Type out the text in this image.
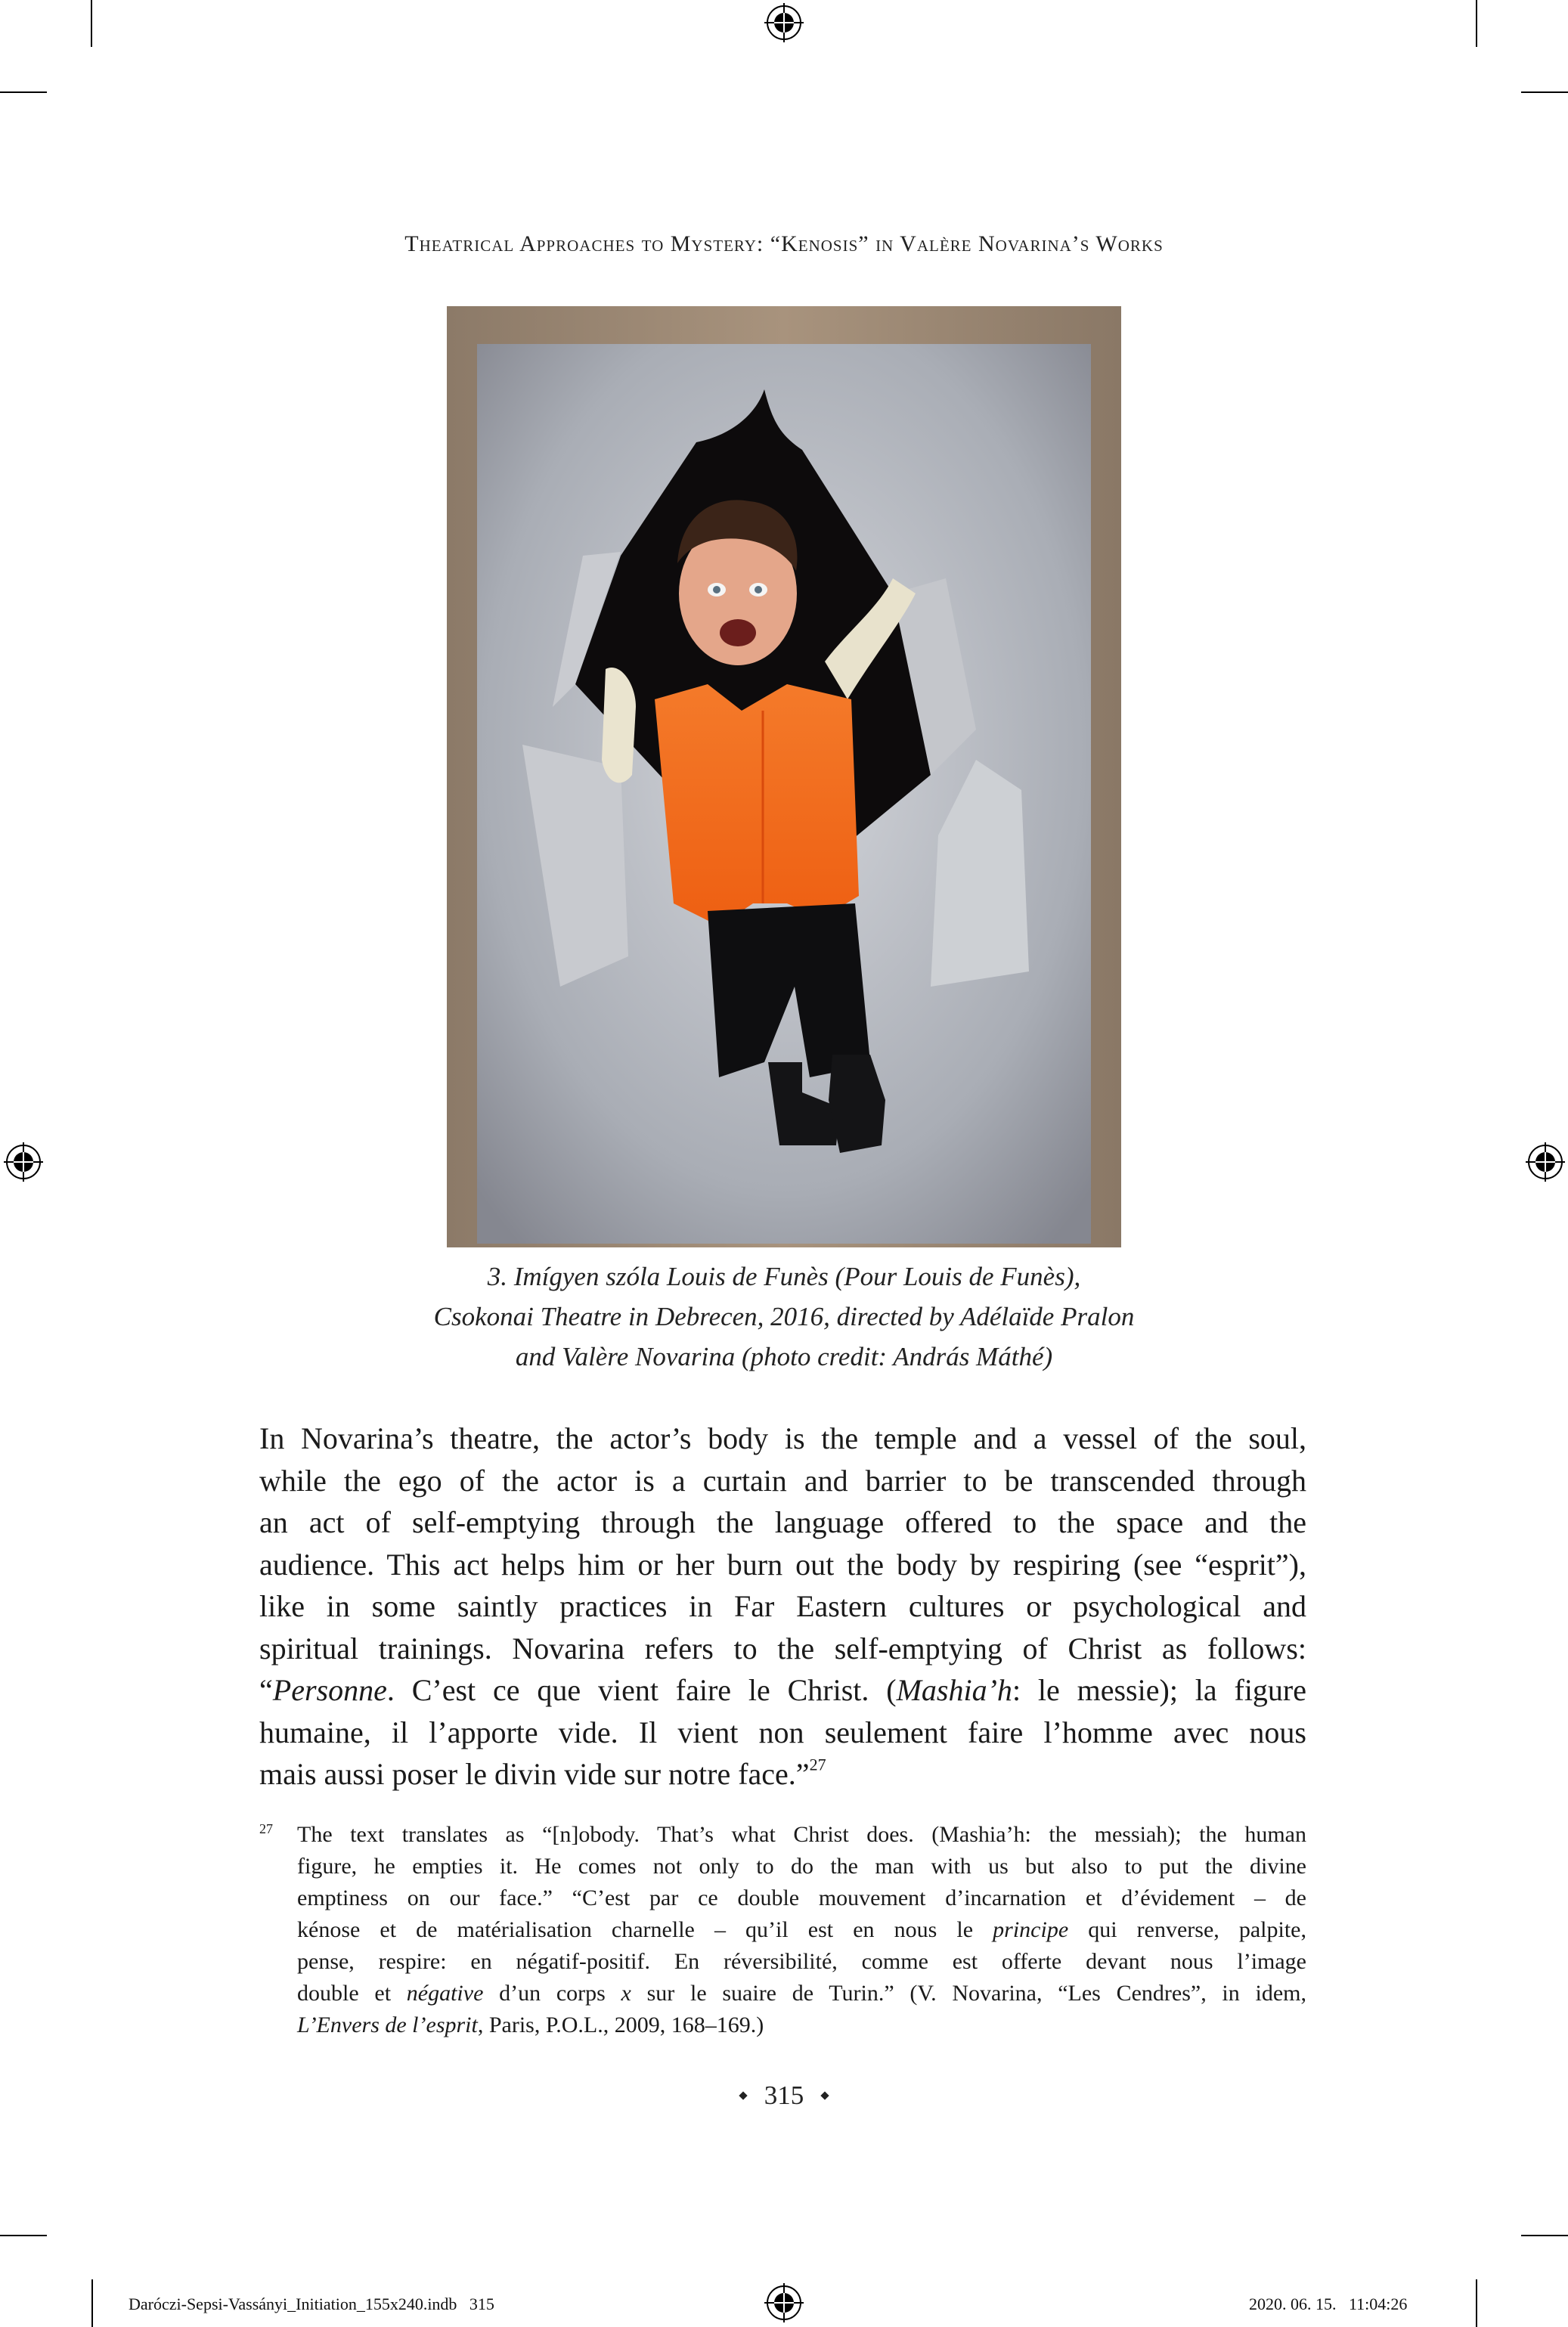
Theatrical Approaches to Mystery: “Kenosis” in Valère Novarina’s Works
3. Imígyen szóla Louis de Funès (Pour Louis de Funès),
Csokonai Theatre in Debrecen, 2016, directed by Adélaïde Pralon
and Valère Novarina (photo credit: András Máthé)
In Novarina’s theatre, the actor’s body is the temple and a vessel of the soul,
while the ego of the actor is a curtain and barrier to be transcended through
an act of self-emptying through the language offered to the space and the
audience. This act helps him or her burn out the body by respiring (see “esprit”),
like in some saintly practices in Far Eastern cultures or psychological and
spiritual trainings. Novarina refers to the self-emptying of Christ as follows:
“Personne. C’est ce que vient faire le Christ. (Mashia’h: le messie); la figure
humaine, il l’apporte vide. Il vient non seulement faire l’homme avec nous
mais aussi poser le divin vide sur notre face.”$^{27}$
27 The text translates as “[n]obody. That’s what Christ does. (Mashia’h: the messiah); the human
figure, he empties it. He comes not only to do the man with us but also to put the divine
emptiness on our face.” “C’est par ce double mouvement d’incarnation et d’évidement – de
kénose et de matérialisation charnelle – qu’il est en nous le principe qui renverse, palpite,
pense, respire: en négatif-positif. En réversibilité, comme est offerte devant nous l’image
double et négative d’un corps x sur le suaire de Turin.” (V. Novarina, “Les Cendres”, in idem,
L’Envers de l’esprit, Paris, P.O.L., 2009, 168–169.)
315
Daróczi-Sepsi-Vassányi_Initiation_155x240.indb   315	2020. 06. 15.   11:04:26
